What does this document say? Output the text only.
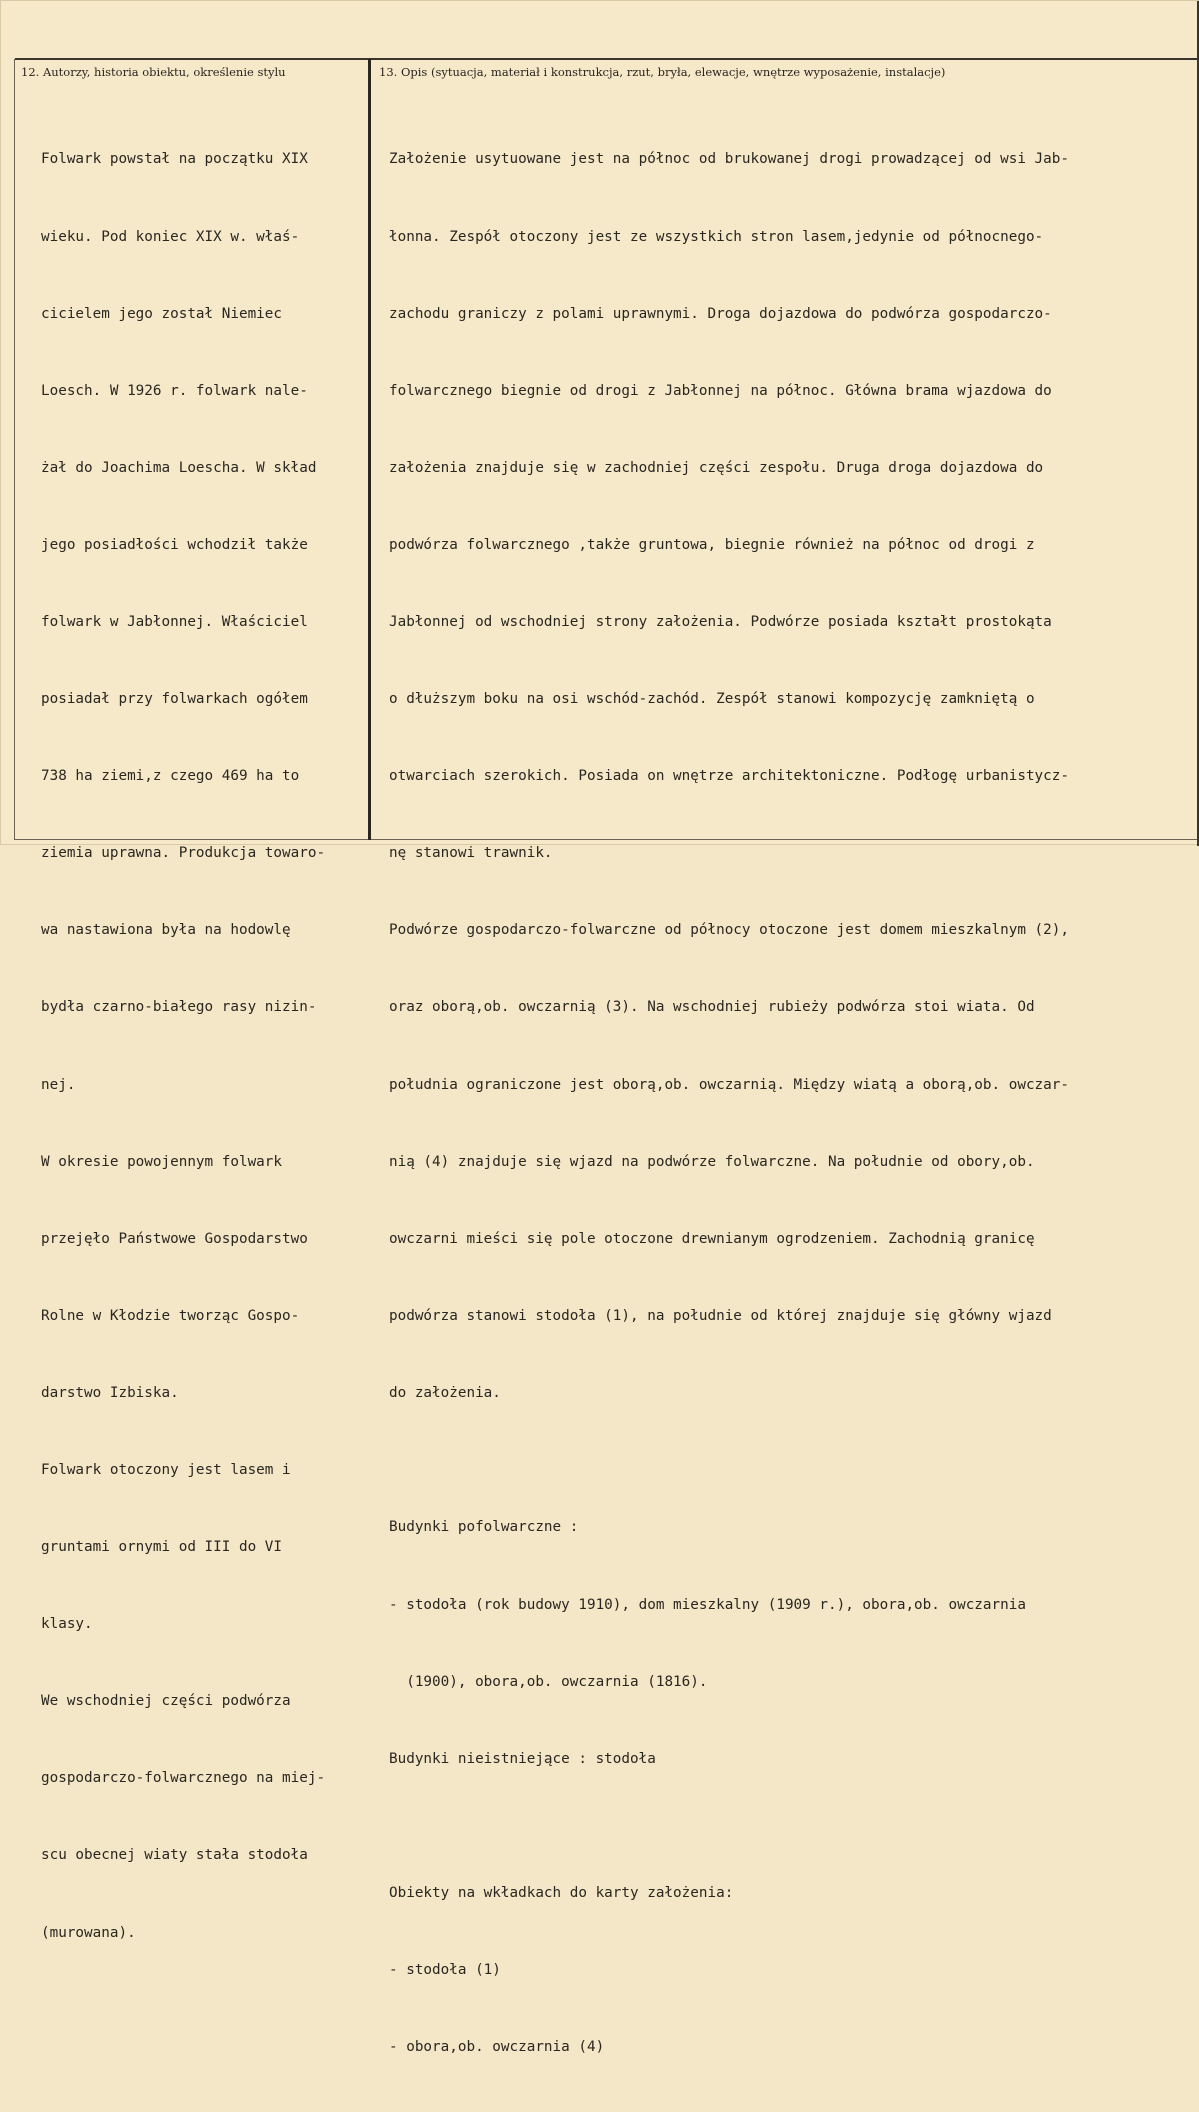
12. Autorzy, historia obiektu, określenie stylu	13. Opis (sytuacja, materiał i konstrukcja, rzut, bryła, elewacje, wnętrze wyposażenie, instalacje)

Folwark powstał na początku XIX

wieku. Pod koniec XIX w. właś-

cicielem jego został Niemiec

Loesch. W 1926 r. folwark nale-

żał do Joachima Loescha. W skład

jego posiadłości wchodził także

folwark w Jabłonnej. Właściciel

posiadał przy folwarkach ogółem

738 ha ziemi,z czego 469 ha to

ziemia uprawna. Produkcja towaro-

wa nastawiona była na hodowlę

bydła czarno-białego rasy nizin-

nej.

W okresie powojennym folwark

przejęło Państwowe Gospodarstwo

Rolne w Kłodzie tworząc Gospo-

darstwo Izbiska.

Folwark otoczony jest lasem i

gruntami ornymi od III do VI

klasy.

We wschodniej części podwórza

gospodarczo-folwarcznego na miej-

scu obecnej wiaty stała stodoła

(murowana).

Założenie usytuowane jest na północ od brukowanej drogi prowadzącej od wsi Jab-

łonna. Zespół otoczony jest ze wszystkich stron lasem,jedynie od północnego-

zachodu graniczy z polami uprawnymi. Droga dojazdowa do podwórza gospodarczo-

folwarcznego biegnie od drogi z Jabłonnej na północ. Główna brama wjazdowa do

założenia znajduje się w zachodniej części zespołu. Druga droga dojazdowa do

podwórza folwarcznego ,także gruntowa, biegnie również na północ od drogi z

Jabłonnej od wschodniej strony założenia. Podwórze posiada kształt prostokąta

o dłuższym boku na osi wschód-zachód. Zespół stanowi kompozycję zamkniętą o

otwarciach szerokich. Posiada on wnętrze architektoniczne. Podłogę urbanistycz-

nę stanowi trawnik.

Podwórze gospodarczo-folwarczne od północy otoczone jest domem mieszkalnym (2),

oraz oborą,ob. owczarnią (3). Na wschodniej rubieży podwórza stoi wiata. Od

południa ograniczone jest oborą,ob. owczarnią. Między wiatą a oborą,ob. owczar-

nią (4) znajduje się wjazd na podwórze folwarczne. Na południe od obory,ob.

owczarni mieści się pole otoczone drewnianym ogrodzeniem. Zachodnią granicę

podwórza stanowi stodoła (1), na południe od której znajduje się główny wjazd

do założenia.

Budynki pofolwarczne :

- stodoła (rok budowy 1910), dom mieszkalny (1909 r.), obora,ob. owczarnia

(1900), obora,ob. owczarnia (1816).

Budynki nieistniejące : stodoła

Obiekty na wkładkach do karty założenia:

- stodoła (1)

- obora,ob. owczarnia (4)
